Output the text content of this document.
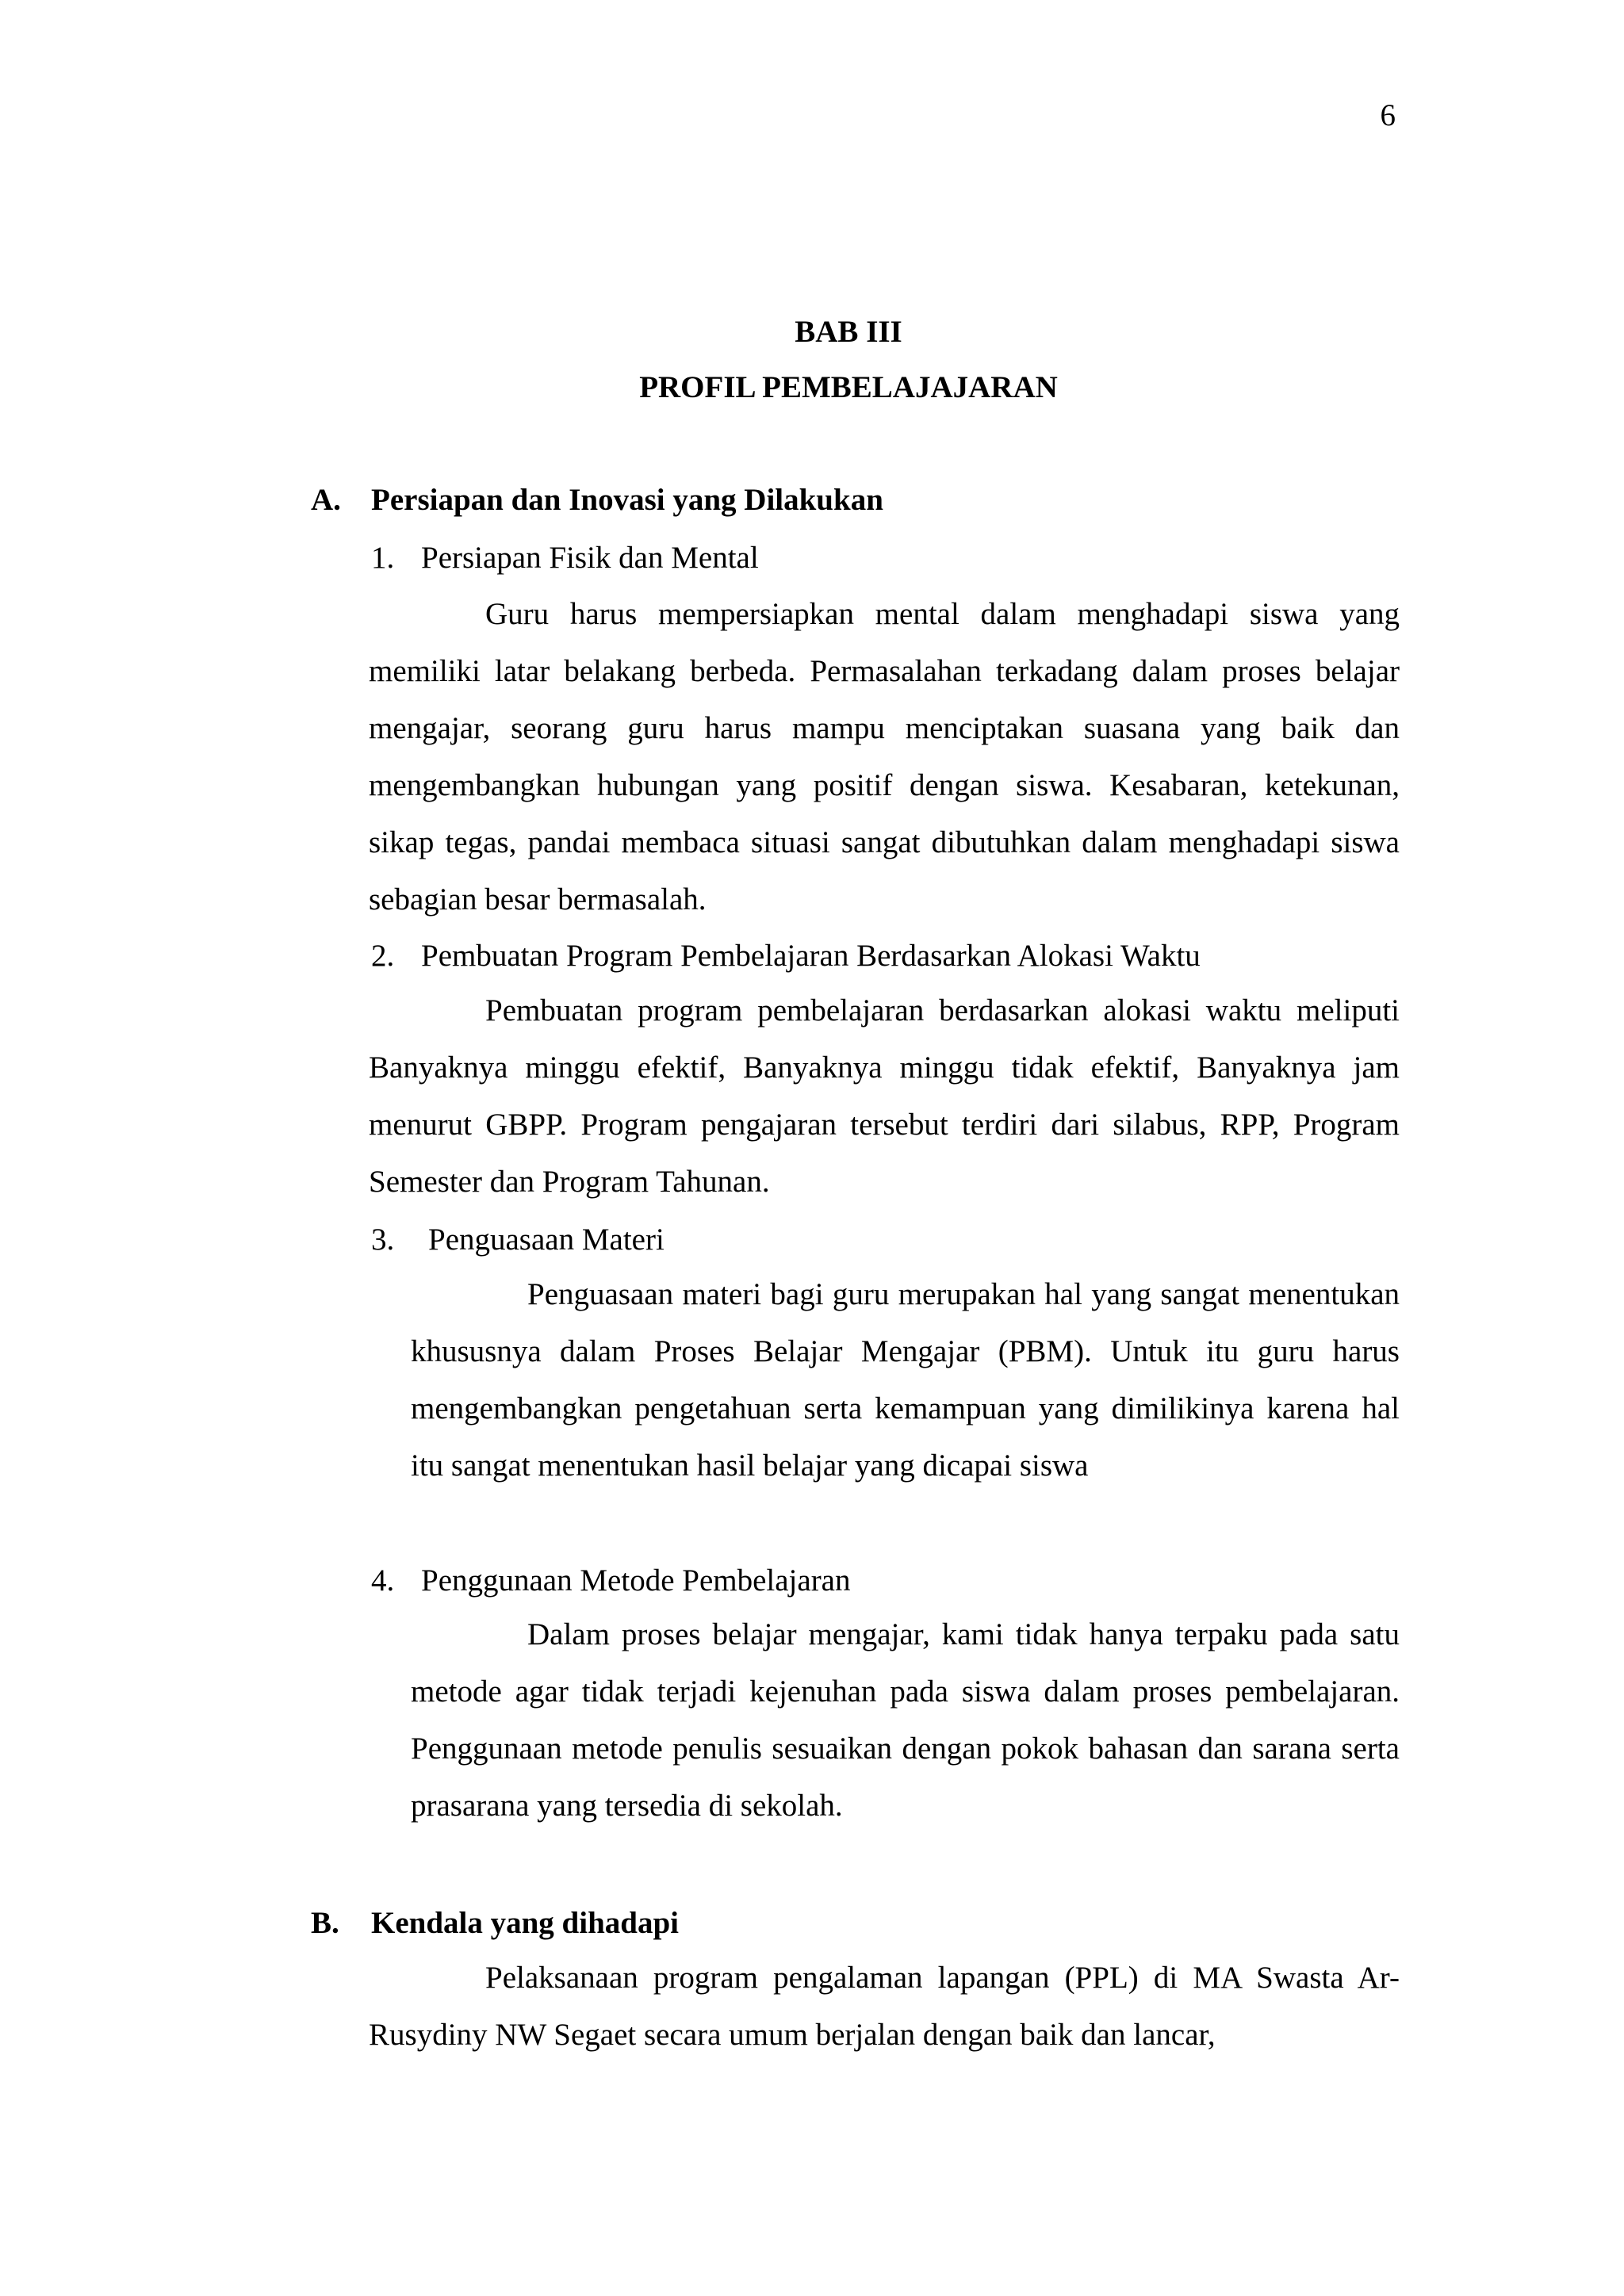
6
BAB III
PROFIL PEMBELAJAJARAN
A. Persiapan dan Inovasi yang Dilakukan
1. Persiapan Fisik dan Mental

Guru harus mempersiapkan mental dalam menghadapi siswa yang memiliki latar belakang berbeda. Permasalahan terkadang dalam proses belajar mengajar, seorang guru harus mampu menciptakan suasana yang baik dan mengembangkan hubungan yang positif dengan siswa. Kesabaran, ketekunan, sikap tegas, pandai membaca situasi sangat dibutuhkan dalam menghadapi siswa sebagian besar bermasalah.

2. Pembuatan Program Pembelajaran Berdasarkan Alokasi Waktu

Pembuatan program pembelajaran berdasarkan alokasi waktu meliputi Banyaknya minggu efektif, Banyaknya minggu tidak efektif, Banyaknya jam menurut GBPP. Program pengajaran tersebut terdiri dari silabus, RPP, Program Semester dan Program Tahunan.

3. Penguasaan Materi

Penguasaan materi bagi guru merupakan hal yang sangat menentukan khususnya dalam Proses Belajar Mengajar (PBM). Untuk itu guru harus mengembangkan pengetahuan serta kemampuan yang dimilikinya karena hal itu sangat menentukan hasil belajar yang dicapai siswa

4. Penggunaan Metode Pembelajaran

Dalam proses belajar mengajar, kami tidak hanya terpaku pada satu metode agar tidak terjadi kejenuhan pada siswa dalam proses pembelajaran. Penggunaan metode penulis sesuaikan dengan pokok bahasan dan sarana serta prasarana yang tersedia di sekolah.

B. Kendala yang dihadapi

Pelaksanaan program pengalaman lapangan (PPL) di MA Swasta Ar-Rusydiny NW Segaet secara umum berjalan dengan baik dan lancar,
